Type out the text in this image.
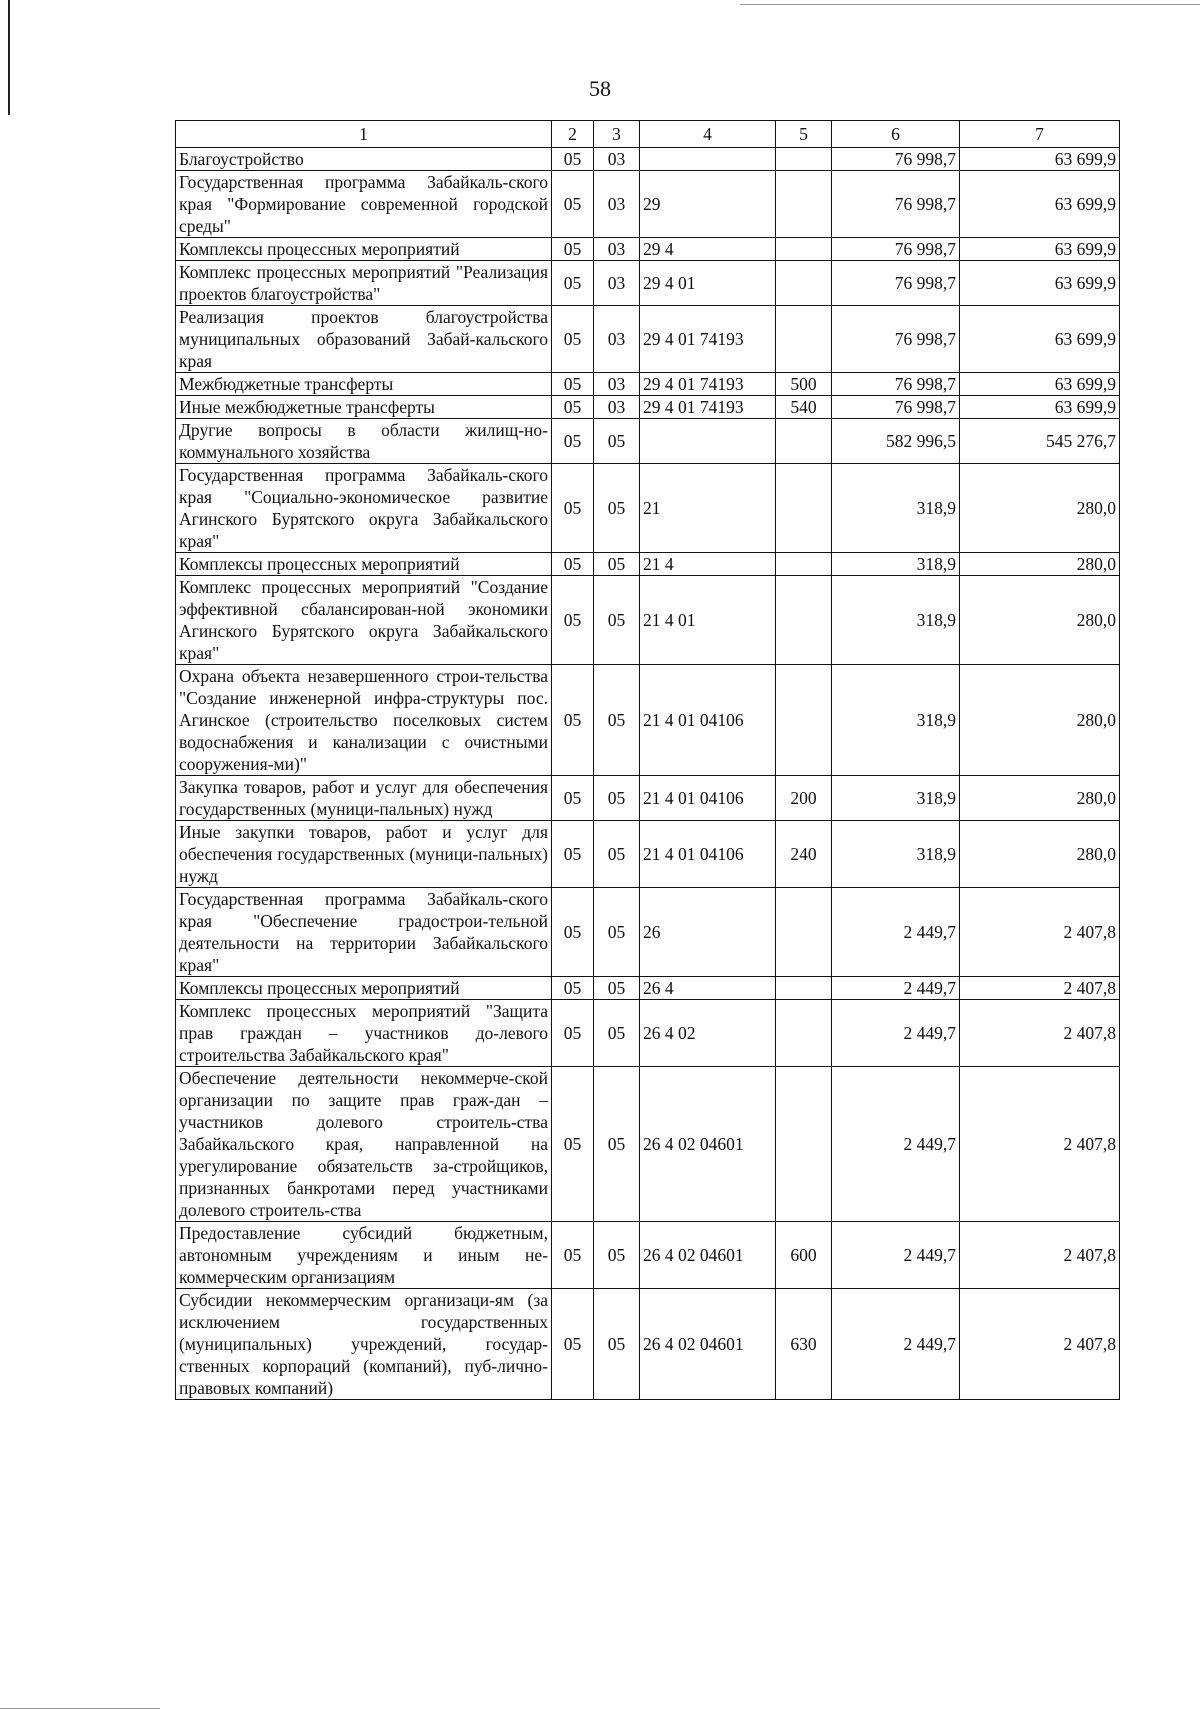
58
1	2	3	4	5	6	7
Благоустройство	05	03			76 998,7	63 699,9
Государственная программа Забайкаль-ского края "Формирование современной городской среды"	05	03	29		76 998,7	63 699,9
Комплексы процессных мероприятий	05	03	29 4		76 998,7	63 699,9
Комплекс процессных мероприятий "Реализация проектов благоустройства"	05	03	29 4 01		76 998,7	63 699,9
Реализация проектов благоустройства муниципальных образований Забай-кальского края	05	03	29 4 01 74193		76 998,7	63 699,9
Межбюджетные трансферты	05	03	29 4 01 74193	500	76 998,7	63 699,9
Иные межбюджетные трансферты	05	03	29 4 01 74193	540	76 998,7	63 699,9
Другие вопросы в области жилищ-но-коммунального хозяйства	05	05			582 996,5	545 276,7
Государственная программа Забайкаль-ского края "Социально-экономическое развитие Агинского Бурятского округа Забайкальского края"	05	05	21		318,9	280,0
Комплексы процессных мероприятий	05	05	21 4		318,9	280,0
Комплекс процессных мероприятий "Создание эффективной сбалансирован-ной экономики Агинского Бурятского округа Забайкальского края"	05	05	21 4 01		318,9	280,0
Охрана объекта незавершенного строи-тельства "Создание инженерной инфра-структуры пос. Агинское (строительство поселковых систем водоснабжения и канализации с очистными сооружения-ми)"	05	05	21 4 01 04106		318,9	280,0
Закупка товаров, работ и услуг для обеспечения государственных (муници-пальных) нужд	05	05	21 4 01 04106	200	318,9	280,0
Иные закупки товаров, работ и услуг для обеспечения государственных (муници-пальных) нужд	05	05	21 4 01 04106	240	318,9	280,0
Государственная программа Забайкаль-ского края "Обеспечение градострои-тельной деятельности на территории Забайкальского края"	05	05	26		2 449,7	2 407,8
Комплексы процессных мероприятий	05	05	26 4		2 449,7	2 407,8
Комплекс процессных мероприятий "Защита прав граждан – участников до-левого строительства Забайкальского края"	05	05	26 4 02		2 449,7	2 407,8
Обеспечение деятельности некоммерче-ской организации по защите прав граж-дан – участников долевого строитель-ства Забайкальского края, направленной на урегулирование обязательств за-стройщиков, признанных банкротами перед участниками долевого строитель-ства	05	05	26 4 02 04601		2 449,7	2 407,8
Предоставление субсидий бюджетным, автономным учреждениям и иным не-коммерческим организациям	05	05	26 4 02 04601	600	2 449,7	2 407,8
Субсидии некоммерческим организаци-ям (за исключением государственных (муниципальных) учреждений, государ-ственных корпораций (компаний), пуб-лично-правовых компаний)	05	05	26 4 02 04601	630	2 449,7	2 407,8
